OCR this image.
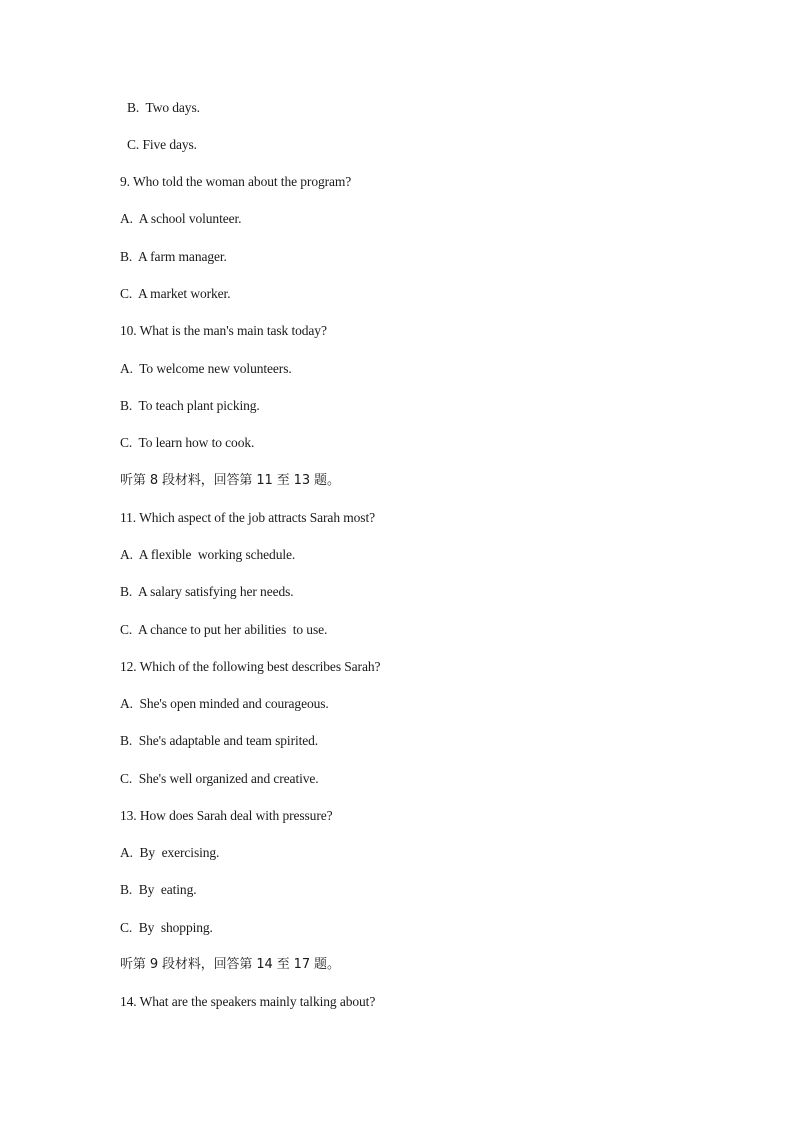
B.  Two days.
C. Five days.
9. Who told the woman about the program?
A.  A school volunteer.
B.  A farm manager.
C.  A market worker.
10. What is the man's main task today?
A.  To welcome new volunteers.
B.  To teach plant picking.
C.  To learn how to cook.
听第 8 段材料，回答第 11 至 13 题。
11. Which aspect of the job attracts Sarah most?
A.  A flexible  working schedule.
B.  A salary satisfying her needs.
C.  A chance to put her abilities  to use.
12. Which of the following best describes Sarah?
A.  She's open minded and courageous.
B.  She's adaptable and team spirited.
C.  She's well organized and creative.
13. How does Sarah deal with pressure?
A.  By  exercising.
B.  By  eating.
C.  By  shopping.
听第 9 段材料，回答第 14 至 17 题。
14. What are the speakers mainly talking about?
